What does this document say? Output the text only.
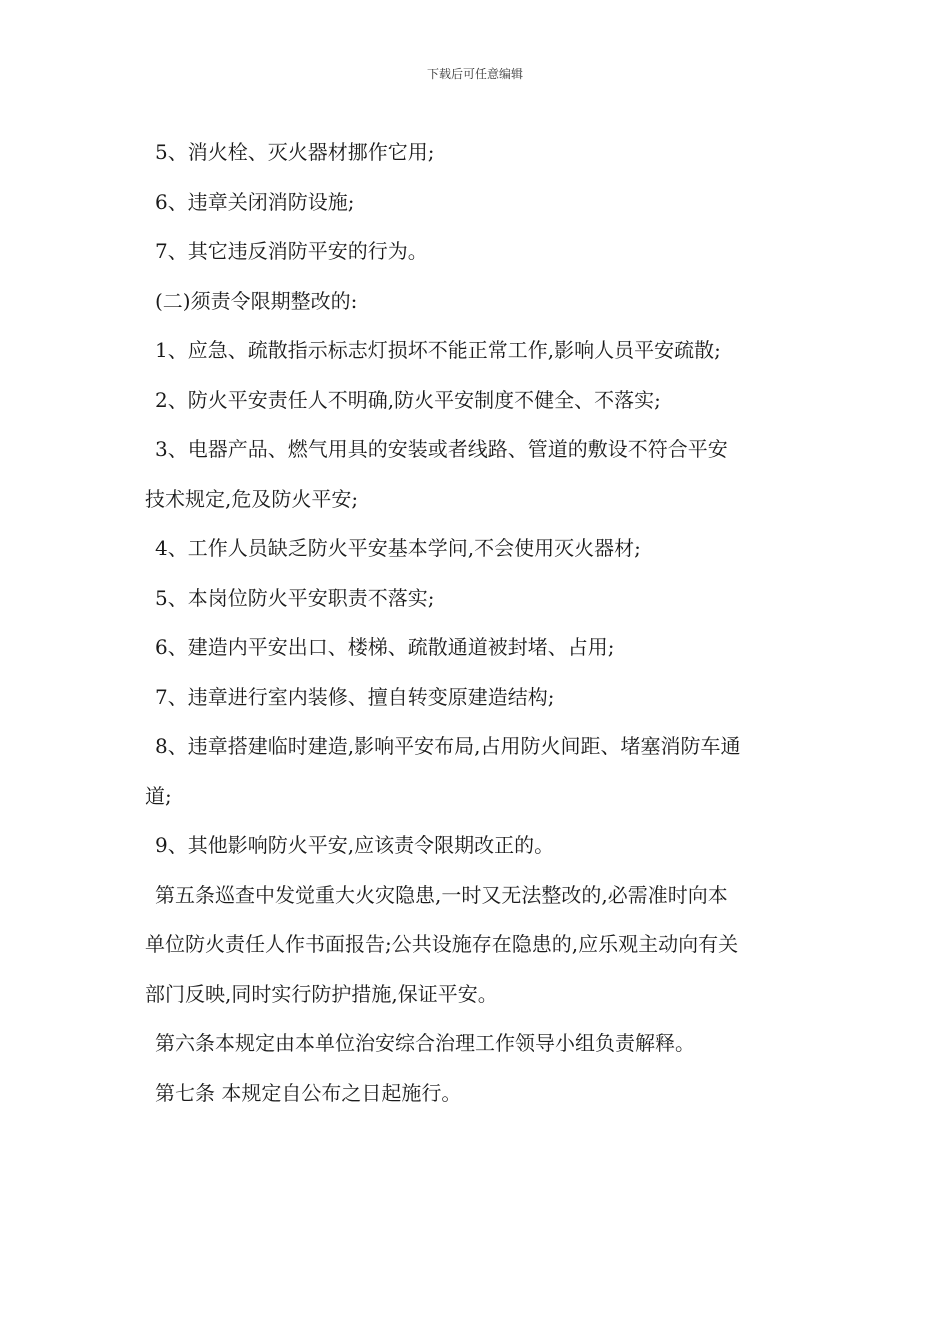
下载后可任意编辑
5、消火栓、灭火器材挪作它用;
6、违章关闭消防设施;
7、其它违反消防平安的行为。
(二)须责令限期整改的:
1、应急、疏散指示标志灯损坏不能正常工作,影响人员平安疏散;
2、防火平安责任人不明确,防火平安制度不健全、不落实;
3、电器产品、燃气用具的安装或者线路、管道的敷设不符合平安
技术规定,危及防火平安;
4、工作人员缺乏防火平安基本学问,不会使用灭火器材;
5、本岗位防火平安职责不落实;
6、建造内平安出口、楼梯、疏散通道被封堵、占用;
7、违章进行室内装修、擅自转变原建造结构;
8、违章搭建临时建造,影响平安布局,占用防火间距、堵塞消防车通
道;
9、其他影响防火平安,应该责令限期改正的。
第五条巡查中发觉重大火灾隐患,一时又无法整改的,必需准时向本
单位防火责任人作书面报告;公共设施存在隐患的,应乐观主动向有关
部门反映,同时实行防护措施,保证平安。
第六条本规定由本单位治安综合治理工作领导小组负责解释。
第七条 本规定自公布之日起施行。
